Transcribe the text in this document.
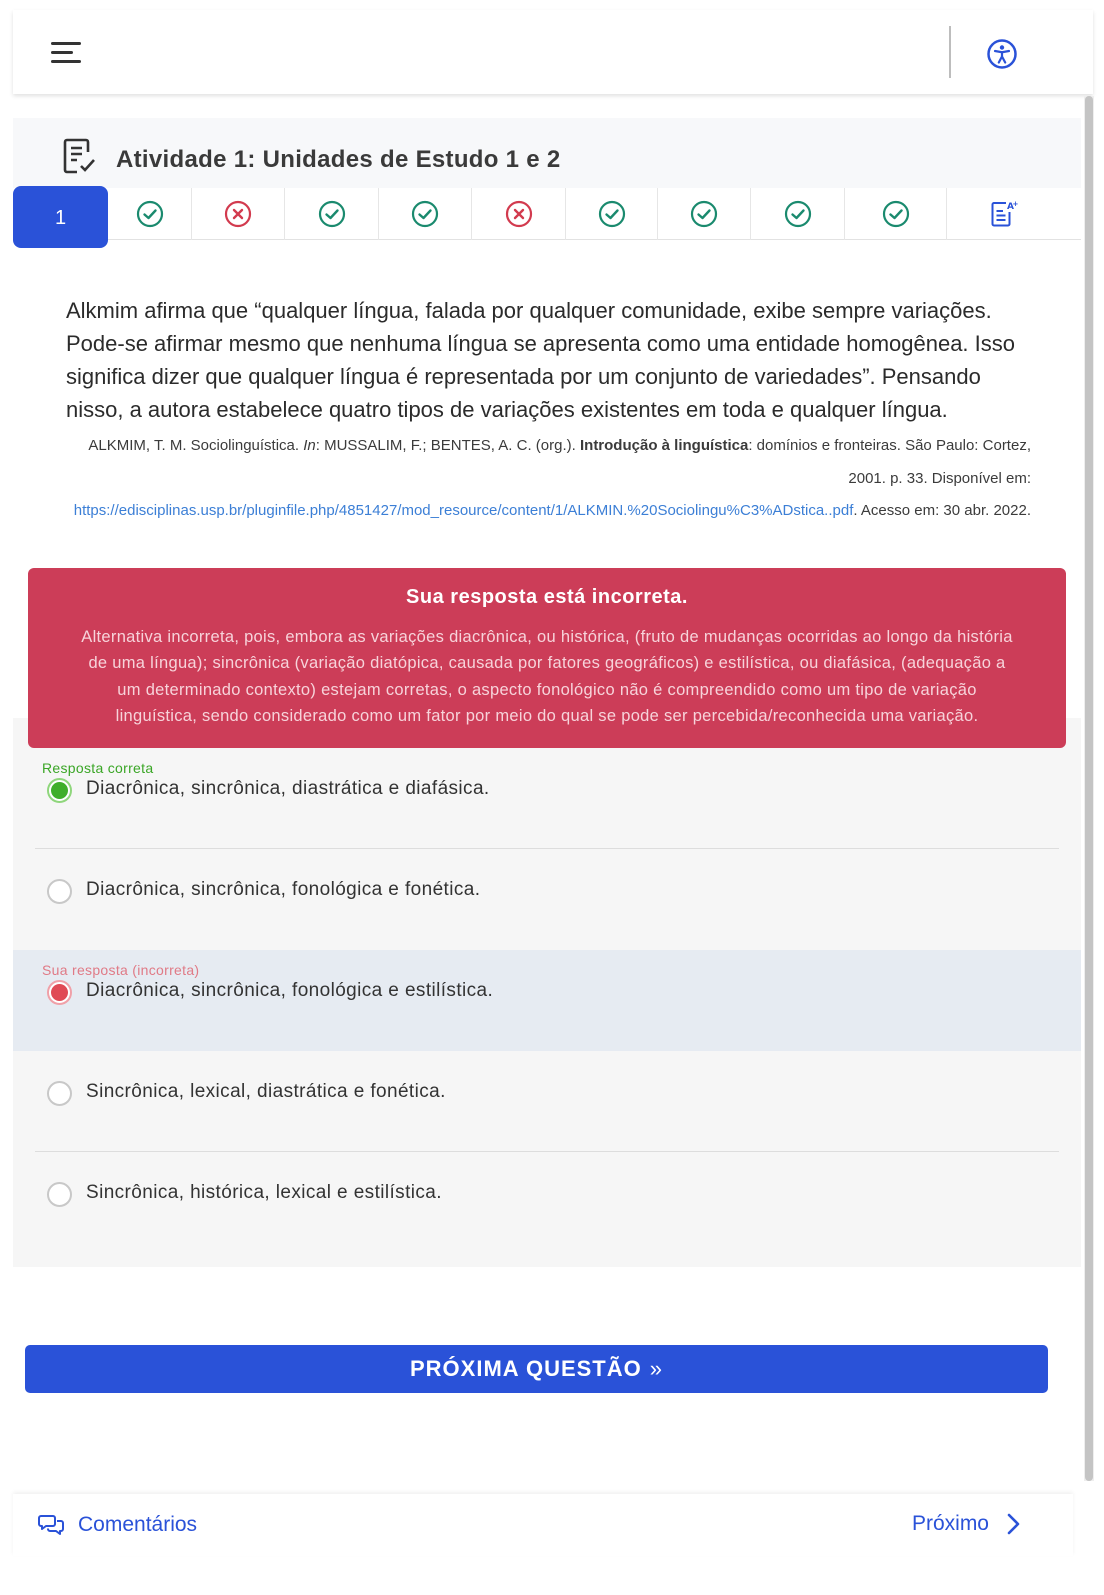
Atividade 1: Unidades de Estudo 1 e 2
1	A
+

Alkmim afirma que “qualquer língua, falada por qualquer comunidade, exibe sempre variações. Pode-se afirmar mesmo que nenhuma língua se apresenta como uma entidade homogênea. Isso significa dizer que qualquer língua é representada por um conjunto de variedades”. Pensando nisso, a autora estabelece quatro tipos de variações existentes em toda e qualquer língua.

ALKMIM, T. M. Sociolinguística. In: MUSSALIM, F.; BENTES, A. C. (org.). Introdução à linguística: domínios e fronteiras. São Paulo: Cortez, 2001. p. 33. Disponível em: https://edisciplinas.usp.br/pluginfile.php/4851427/mod_resource/content/1/ALKMIN.%20Sociolingu%C3%ADstica..pdf. Acesso em: 30 abr. 2022.

Sua resposta está incorreta.
Alternativa incorreta, pois, embora as variações diacrônica, ou histórica, (fruto de mudanças ocorridas ao longo da história de uma língua); sincrônica (variação diatópica, causada por fatores geográficos) e estilística, ou diafásica, (adequação a um determinado contexto) estejam corretas, o aspecto fonológico não é compreendido como um tipo de variação linguística, sendo considerado como um fator por meio do qual se pode ser percebida/reconhecida uma variação.
Resposta correta
Diacrônica, sincrônica, diastrática e diafásica.
Diacrônica, sincrônica, fonológica e fonética.
Sua resposta (incorreta)
Diacrônica, sincrônica, fonológica e estilística.
Sincrônica, lexical, diastrática e fonética.
Sincrônica, histórica, lexical e estilística.
PRÓXIMA QUESTÃO »
Comentários	Próximo
